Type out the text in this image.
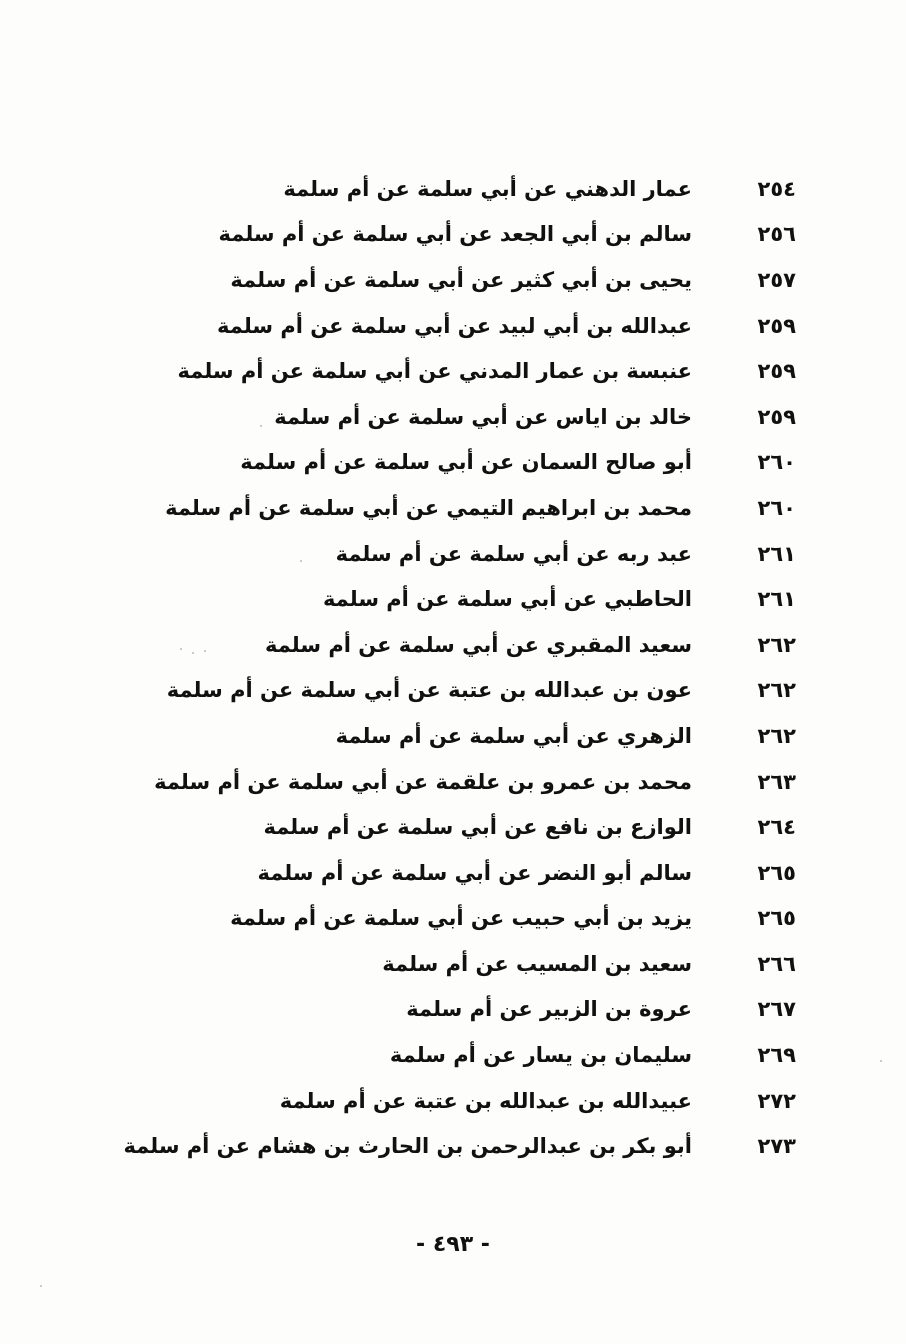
٢٥٤
عمار الدهني عن أبي سلمة عن أم سلمة
٢٥٦
سالم بن أبي الجعد عن أبي سلمة عن أم سلمة
٢٥٧
يحيى بن أبي كثير عن أبي سلمة عن أم سلمة
٢٥٩
عبدالله بن أبي لبيد عن أبي سلمة عن أم سلمة
٢٥٩
عنبسة بن عمار المدني عن أبي سلمة عن أم سلمة
٢٥٩
خالد بن اياس عن أبي سلمة عن أم سلمة
٢٦٠
أبو صالح السمان عن أبي سلمة عن أم سلمة
٢٦٠
محمد بن ابراهيم التيمي عن أبي سلمة عن أم سلمة
٢٦١
عبد ربه عن أبي سلمة عن أم سلمة
٢٦١
الحاطبي عن أبي سلمة عن أم سلمة
٢٦٢
سعيد المقبري عن أبي سلمة عن أم سلمة
٢٦٢
عون بن عبدالله بن عتبة عن أبي سلمة عن أم سلمة
٢٦٢
الزهري عن أبي سلمة عن أم سلمة
٢٦٣
محمد بن عمرو بن علقمة عن أبي سلمة عن أم سلمة
٢٦٤
الوازع بن نافع عن أبي سلمة عن أم سلمة
٢٦٥
سالم أبو النضر عن أبي سلمة عن أم سلمة
٢٦٥
يزيد بن أبي حبيب عن أبي سلمة عن أم سلمة
٢٦٦
سعيد بن المسيب عن أم سلمة
٢٦٧
عروة بن الزبير عن أم سلمة
٢٦٩
سليمان بن يسار عن أم سلمة
٢٧٢
عبيدالله بن عبدالله بن عتبة عن أم سلمة
٢٧٣
أبو بكر بن عبدالرحمن بن الحارث بن هشام عن أم سلمة
- ٤٩٣ -
